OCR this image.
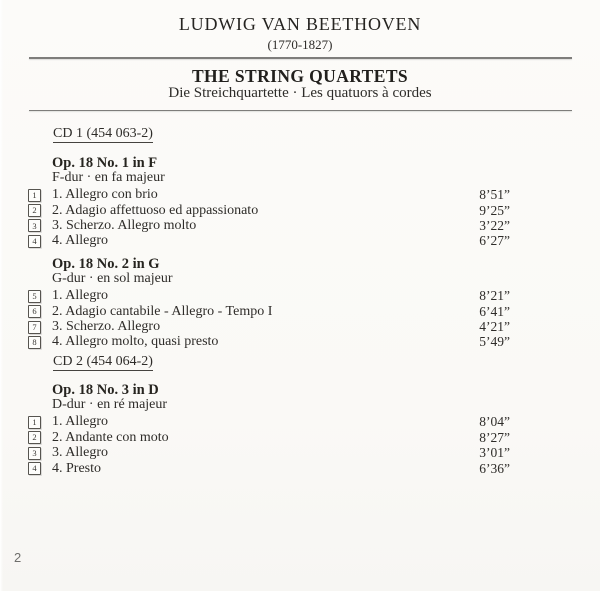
LUDWIG VAN BEETHOVEN
(1770-1827)
THE STRING QUARTETS
Die Streichquartette · Les quatuors à cordes
CD 1 (454 063-2)
Op. 18 No. 1 in F
F-dur · en fa majeur
1 1. Allegro con brio	8’51”
2 2. Adagio affettuoso ed appassionato	9’25”
3 3. Scherzo. Allegro molto	3’22”
4 4. Allegro	6’27”
Op. 18 No. 2 in G
G-dur · en sol majeur
5 1. Allegro	8’21”
6 2. Adagio cantabile - Allegro - Tempo I	6’41”
7 3. Scherzo. Allegro	4’21”
8 4. Allegro molto, quasi presto	5’49”
CD 2 (454 064-2)
Op. 18 No. 3 in D
D-dur · en ré majeur
1 1. Allegro	8’04”
2 2. Andante con moto	8’27”
3 3. Allegro	3’01”
4 4. Presto	6’36”
2
